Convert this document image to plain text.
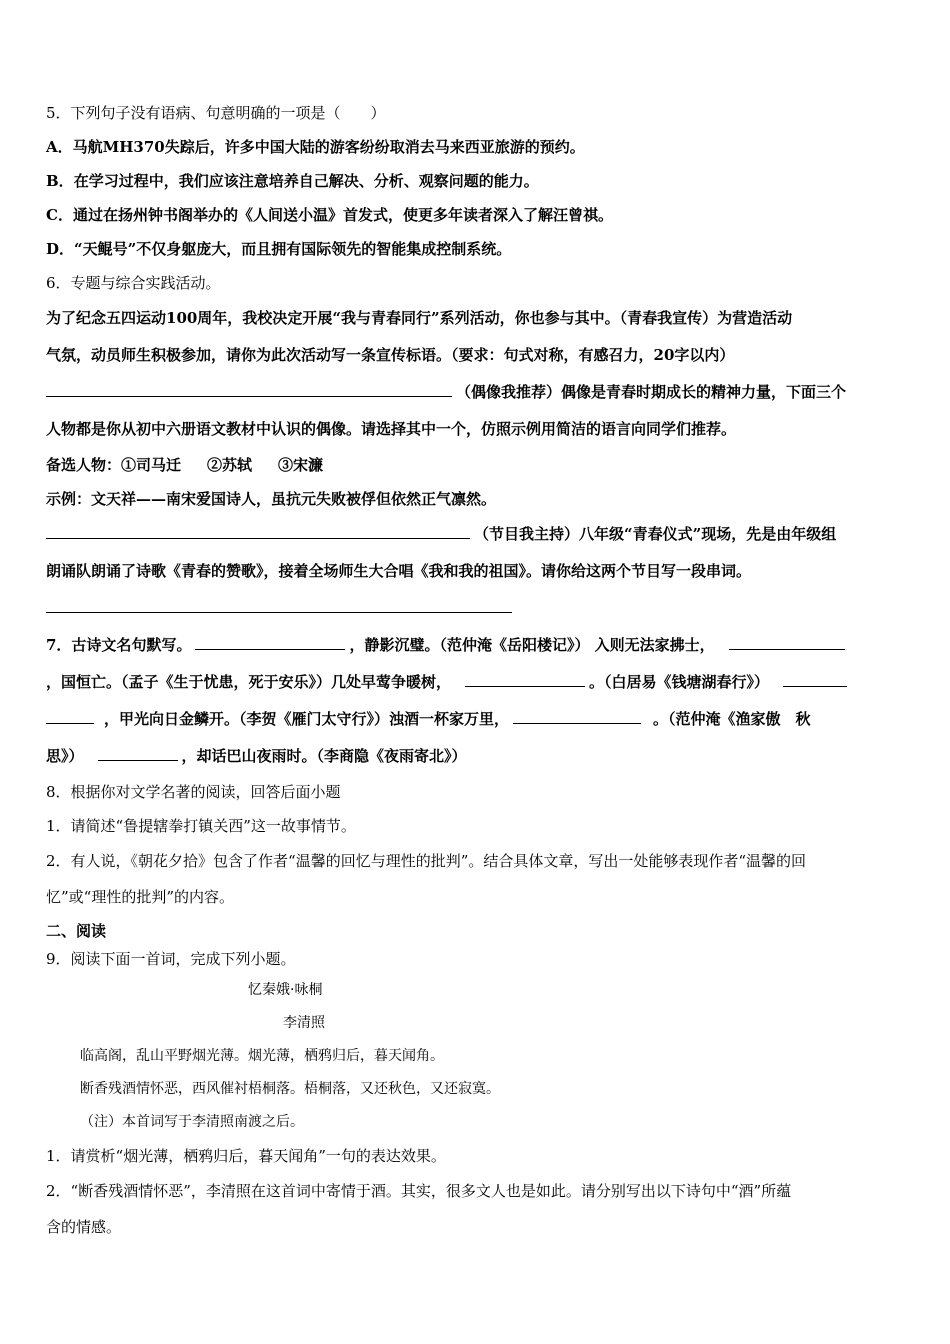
5．下列句子没有语病、句意明确的一项是（　　）
A．马航MH370失踪后，许多中国大陆的游客纷纷取消去马来西亚旅游的预约。
B．在学习过程中，我们应该注意培养自己解决、分析、观察问题的能力。
C．通过在扬州钟书阁举办的《人间送小温》首发式，使更多年读者深入了解汪曾祺。
D．“天鲲号”不仅身躯庞大，而且拥有国际领先的智能集成控制系统。
6．专题与综合实践活动。
为了纪念五四运动100周年，我校决定开展“我与青春同行”系列活动，你也参与其中。（青春我宣传）为营造活动
气氛，动员师生积极参加，请你为此次活动写一条宣传标语。（要求：句式对称，有感召力，20字以内）
（偶像我推荐）偶像是青春时期成长的精神力量，下面三个
人物都是你从初中六册语文教材中认识的偶像。请选择其中一个，仿照示例用简洁的语言向同学们推荐。
备选人物：①司马迁 ②苏轼 ③宋濂
示例：文天祥——南宋爱国诗人，虽抗元失败被俘但依然正气凛然。
（节目我主持）八年级“青春仪式”现场，先是由年级组
朗诵队朗诵了诗歌《青春的赞歌》，接着全场师生大合唱《我和我的祖国》。请你给这两个节目写一段串词。
7．古诗文名句默写。	，静影沉璧。（范仲淹《岳阳楼记》） 入则无法家拂士，
，国恒亡。（孟子《生于忧患，死于安乐》）几处早莺争暖树，	。（白居易《钱塘湖春行》）
，甲光向日金鳞开。（李贺《雁门太守行》）浊酒一杯家万里，	。（范仲淹《渔家傲　秋
思》）	，却话巴山夜雨时。（李商隐《夜雨寄北》）
8．根据你对文学名著的阅读，回答后面小题
1．请简述“鲁提辖拳打镇关西”这一故事情节。
2．有人说，《朝花夕拾》包含了作者“温馨的回忆与理性的批判”。结合具体文章，写出一处能够表现作者“温馨的回
忆”或“理性的批判”的内容。
二、阅读
9．阅读下面一首词，完成下列小题。
忆秦娥·咏桐
李清照
临高阁，乱山平野烟光薄。烟光薄，栖鸦归后，暮天闻角。
断香残酒情怀恶，西风催衬梧桐落。梧桐落，又还秋色，又还寂寞。
（注）本首词写于李清照南渡之后。
1．请赏析“烟光薄，栖鸦归后，暮天闻角”一句的表达效果。
2．“断香残酒情怀恶”，李清照在这首词中寄情于酒。其实，很多文人也是如此。请分别写出以下诗句中“酒”所蕴
含的情感。
